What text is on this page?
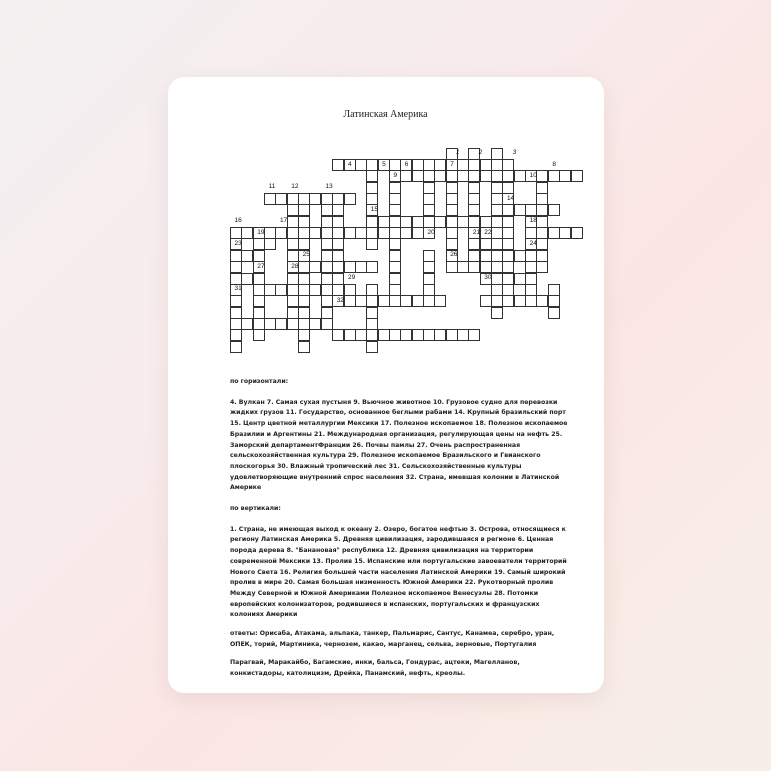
Латинская Америка
1	2	3
4	5	6	7	8
9	10
11 12	13
14
15
16	17	18
19	20	21 22
23	24
25	26
27	28
29	30
31
32

по горизонтали:

4. Вулкан 7. Самая сухая пустыня 9. Вьючное животное 10. Грузовое судно для перевозки жидких грузов 11. Государство, основанное беглыми рабами 14. Крупный бразильский порт 15. Центр цветной металлургии Мексики 17. Полезное ископаемое 18. Полезное ископаемое Бразилии и Аргентины 21. Международная организация, регулирующая цены на нефть 25. Заморский департаментФранции 26. Почвы памлы 27. Очень распространенная сельскохозяйственная культура 29. Полезное ископаемое Бразильского и Гвианского плоскогорья 30. Влажный тропический лес 31. Сельскохозяйственные культуры удовлетворяющие внутренний спрос населения 32. Страна, имевшая колонии в Латинской Америке

по вертикали:

1. Страна, не имеющая выход к океану 2. Озеро, богатое нефтью 3. Острова, относящиеся к региону Латинская Америка 5. Древняя цивилизация, зародившаяся в регионе 6. Ценная порода дерева 8. "Банановая" республика 12. Древняя цивилизация на территории современной Мексики 13. Пролив 15. Испанские или португальские завоеватели территорий Нового Света 16. Религия большей части населения Латинской Америки 19. Самый широкий пролив в мире 20. Самая большая низменность Южной Америки 22. Рукотворный пролив Между Северной и Южной Америками Полезное ископаемое Венесуэлы 28. Потомки европейских колонизаторов, родившиеся в испанских, португальских и французских колониях Америки

ответы: Орисаба, Атакама, альпака, танкер, Пальмарис, Сантус, Канамеа, серебро, уран, ОПЕК, торий, Мартиника, чернозем, какао, марганец, сельва, зерновые, Португалия

Парагвай, Маракайбо, Багамские, инки, бальса, Гондурас, ацтеки, Магелланов, конкистадоры, католицизм, Дрейка, Панамский, нефть, креолы.
